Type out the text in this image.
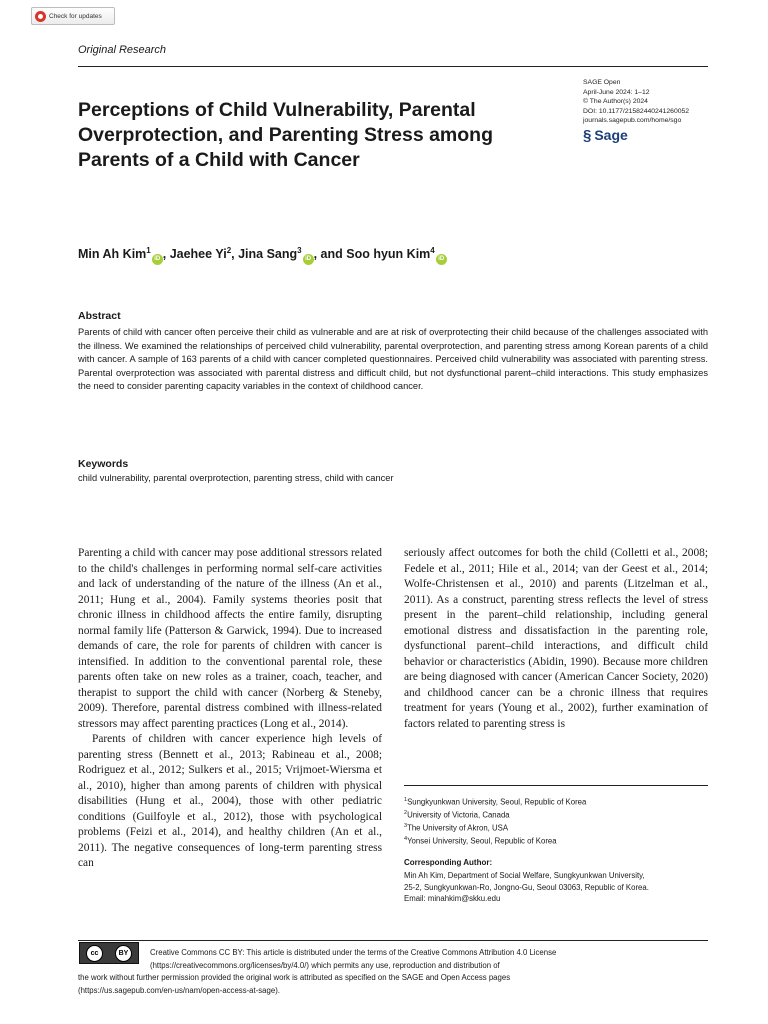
Check for updates
Original Research
Perceptions of Child Vulnerability, Parental Overprotection, and Parenting Stress among Parents of a Child with Cancer
SAGE Open
April-June 2024: 1–12
© The Author(s) 2024
DOI: 10.1177/21582440241260052
journals.sagepub.com/home/sgo
§ Sage
Min Ah Kim$^1$iD , Jaehee Yi$^2$, Jina Sang$^3$iD , and Soo hyun Kim$^4$iD
Abstract

Parents of child with cancer often perceive their child as vulnerable and are at risk of overprotecting their child because of the challenges associated with the illness. We examined the relationships of perceived child vulnerability, parental overprotection, and parenting stress among Korean parents of a child with cancer. A sample of 163 parents of a child with cancer completed questionnaires. Perceived child vulnerability was associated with parenting stress. Parental overprotection was associated with parental distress and difficult child, but not dysfunctional parent–child interactions. This study emphasizes the need to consider parenting capacity variables in the context of childhood cancer.

Keywords
child vulnerability, parental overprotection, parenting stress, child with cancer

Parenting a child with cancer may pose additional stressors related to the child's challenges in performing normal self-care activities and lack of understanding of the nature of the illness (An et al., 2011; Hung et al., 2004). Family systems theories posit that chronic illness in childhood affects the entire family, disrupting normal family life (Patterson & Garwick, 1994). Due to increased demands of care, the role for parents of children with cancer is intensified. In addition to the conventional parental role, these parents often take on new roles as a trainer, coach, teacher, and therapist to support the child with cancer (Norberg & Steneby, 2009). Therefore, parental distress combined with illness-related stressors may affect parenting practices (Long et al., 2014).

Parents of children with cancer experience high levels of parenting stress (Bennett et al., 2013; Rabineau et al., 2008; Rodriguez et al., 2012; Sulkers et al., 2015; Vrijmoet-Wiersma et al., 2010), higher than among parents of children with physical disabilities (Hung et al., 2004), those with other pediatric conditions (Guilfoyle et al., 2012), those with psychological problems (Feizi et al., 2014), and healthy children (An et al., 2011). The negative consequences of long-term parenting stress can

seriously affect outcomes for both the child (Colletti et al., 2008; Fedele et al., 2011; Hile et al., 2014; van der Geest et al., 2014; Wolfe-Christensen et al., 2010) and parents (Litzelman et al., 2011). As a construct, parenting stress reflects the level of stress present in the parent–child relationship, including general emotional distress and dissatisfaction in the parenting role, dysfunctional parent–child interactions, and difficult child behavior or characteristics (Abidin, 1990). Because more children are being diagnosed with cancer (American Cancer Society, 2020) and childhood cancer can be a chronic illness that requires treatment for years (Young et al., 2002), further examination of factors related to parenting stress is

$^1$Sungkyunkwan University, Seoul, Republic of Korea
$^2$University of Victoria, Canada
$^3$The University of Akron, USA
$^4$Yonsei University, Seoul, Republic of Korea
Corresponding Author:
Min Ah Kim, Department of Social Welfare, Sungkyunkwan University,
25-2, Sungkyunkwan-Ro, Jongno-Gu, Seoul 03063, Republic of Korea.
Email: minahkim@skku.edu
cc	BY	Creative Commons CC BY: This article is distributed under the terms of the Creative Commons Attribution 4.0 License
(https://creativecommons.org/licenses/by/4.0/) which permits any use, reproduction and distribution of
the work without further permission provided the original work is attributed as specified on the SAGE and Open Access pages
(https://us.sagepub.com/en-us/nam/open-access-at-sage).
